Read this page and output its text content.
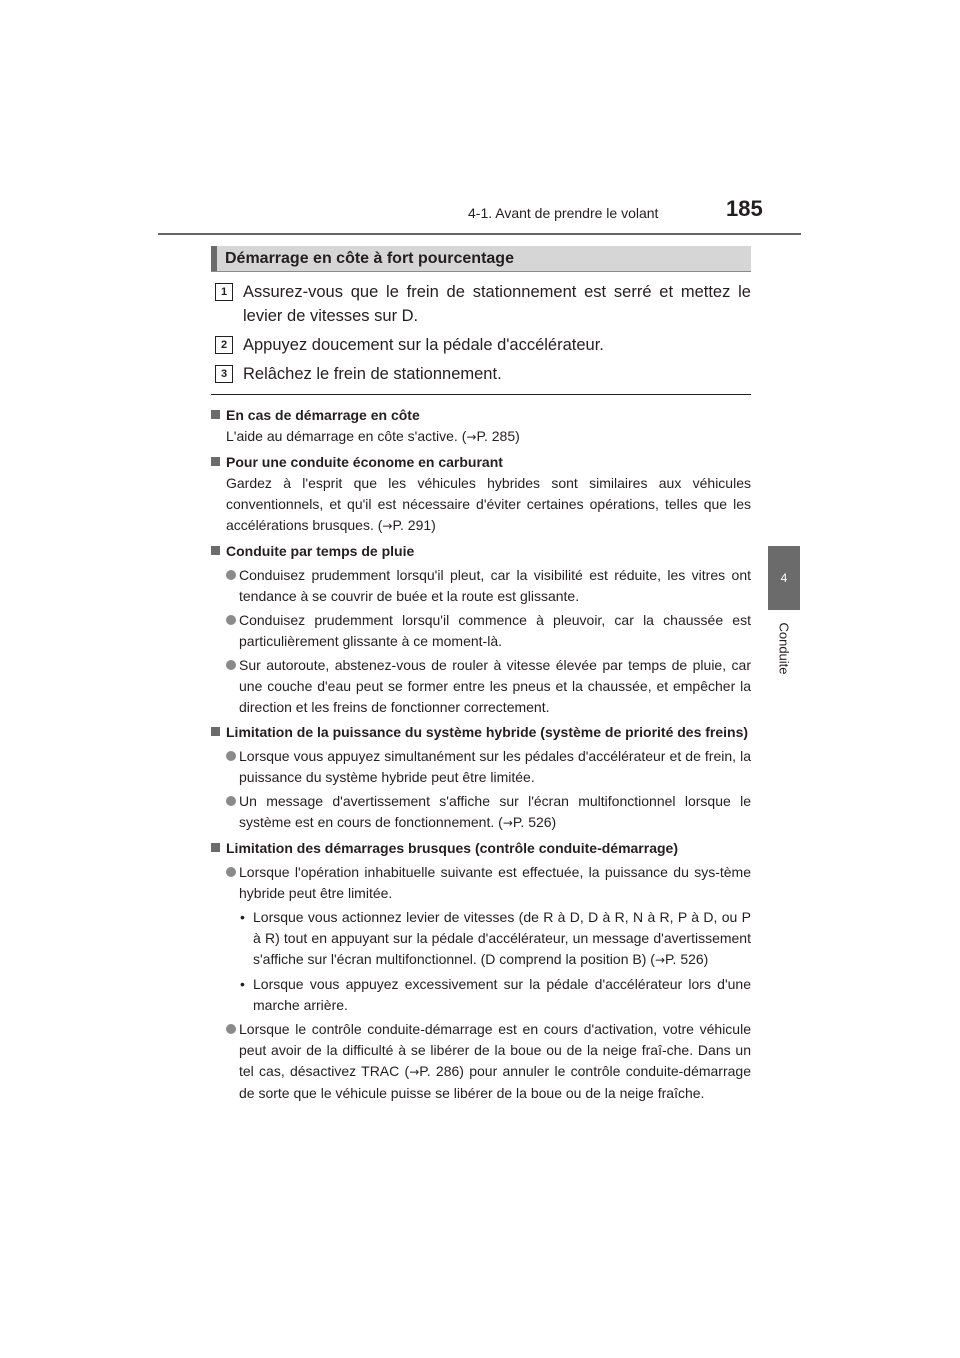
4-1. Avant de prendre le volant	185
4
Conduite
Démarrage en côte à fort pourcentage
1 Assurez-vous que le frein de stationnement est serré et mettez le levier de vitesses sur D.
2 Appuyez doucement sur la pédale d'accélérateur.
3 Relâchez le frein de stationnement.
En cas de démarrage en côte
L'aide au démarrage en côte s'active. (→P. 285)
Pour une conduite économe en carburant
Gardez à l'esprit que les véhicules hybrides sont similaires aux véhicules conventionnels, et qu'il est nécessaire d'éviter certaines opérations, telles que les accélérations brusques. (→P. 291)
Conduite par temps de pluie
Conduisez prudemment lorsqu'il pleut, car la visibilité est réduite, les vitres ont tendance à se couvrir de buée et la route est glissante.
Conduisez prudemment lorsqu'il commence à pleuvoir, car la chaussée est particulièrement glissante à ce moment-là.
Sur autoroute, abstenez-vous de rouler à vitesse élevée par temps de pluie, car une couche d'eau peut se former entre les pneus et la chaussée, et empêcher la direction et les freins de fonctionner correctement.
Limitation de la puissance du système hybride (système de priorité des freins)
Lorsque vous appuyez simultanément sur les pédales d'accélérateur et de frein, la puissance du système hybride peut être limitée.
Un message d'avertissement s'affiche sur l'écran multifonctionnel lorsque le système est en cours de fonctionnement. (→P. 526)
Limitation des démarrages brusques (contrôle conduite-démarrage)
Lorsque l'opération inhabituelle suivante est effectuée, la puissance du sys-tème hybride peut être limitée.
• Lorsque vous actionnez levier de vitesses (de R à D, D à R, N à R, P à D, ou P à R) tout en appuyant sur la pédale d'accélérateur, un message d'avertissement s'affiche sur l'écran multifonctionnel. (D comprend la position B) (→P. 526)
• Lorsque vous appuyez excessivement sur la pédale d'accélérateur lors d'une marche arrière.
Lorsque le contrôle conduite-démarrage est en cours d'activation, votre véhicule peut avoir de la difficulté à se libérer de la boue ou de la neige fraî-che. Dans un tel cas, désactivez TRAC (→P. 286) pour annuler le contrôle conduite-démarrage de sorte que le véhicule puisse se libérer de la boue ou de la neige fraîche.
